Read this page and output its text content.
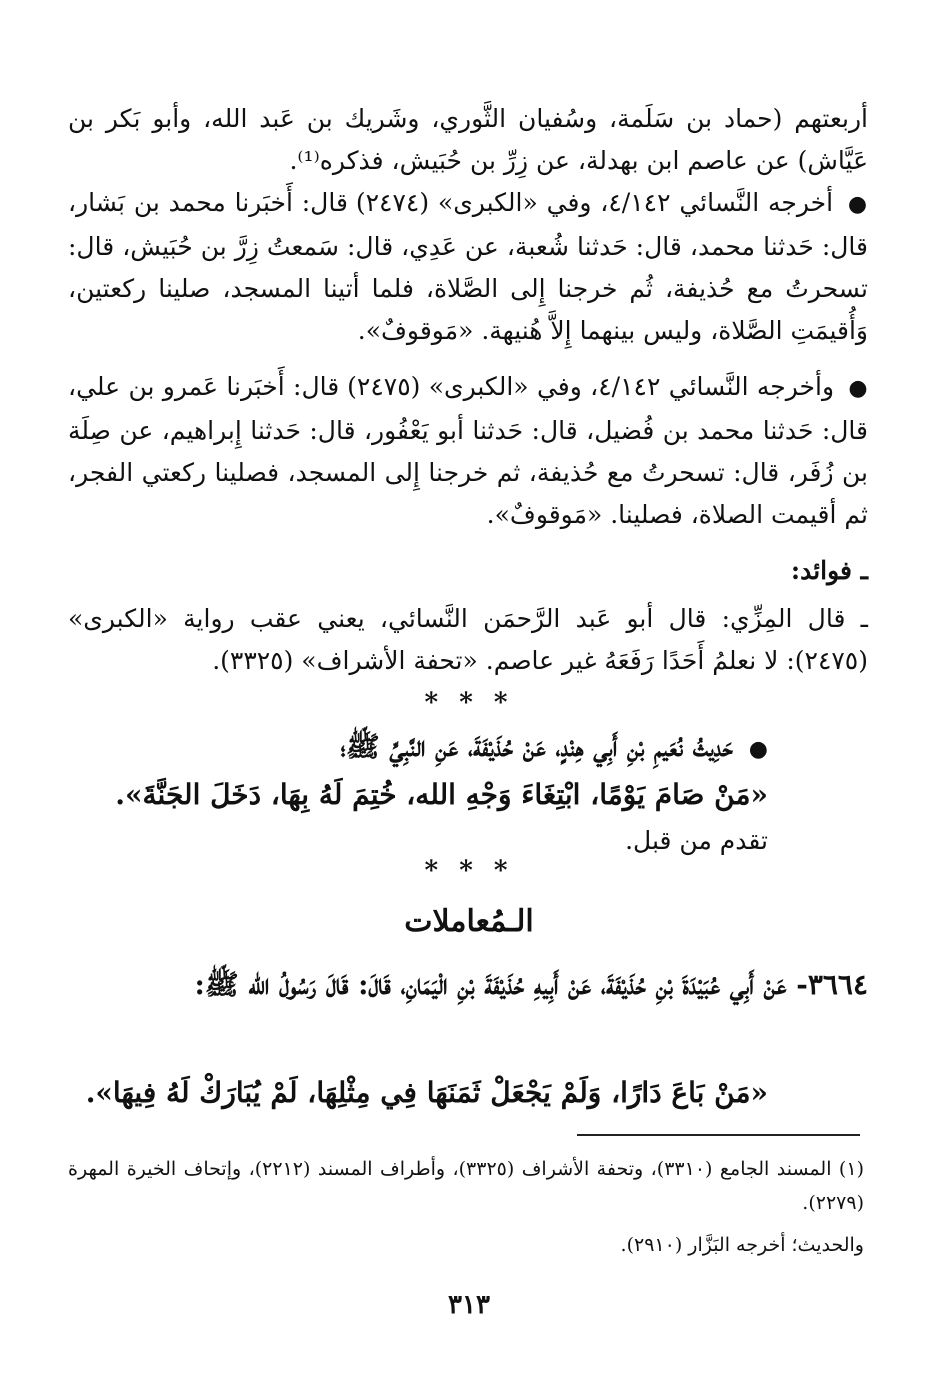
أربعتهم (حماد بن سَلَمة، وسُفيان الثَّوري، وشَريك بن عَبد الله، وأبو بَكر بن عَيَّاش) عن عاصم ابن بهدلة، عن زِرِّ بن حُبَيش، فذكره⁽¹⁾.

● أخرجه النَّسائي ٤/١٤٢، وفي «الكبرى» (٢٤٧٤) قال: أَخبَرنا محمد بن بَشار، قال: حَدثنا محمد، قال: حَدثنا شُعبة، عن عَدِي، قال: سَمعتُ زِرَّ بن حُبَيش، قال: تسحرتُ مع حُذيفة، ثُم خرجنا إِلى الصَّلاة، فلما أتينا المسجد، صلينا ركعتين، وَأُقيمَتِ الصَّلاة، وليس بينهما إِلاَّ هُنيهة. «مَوقوفٌ».

● وأخرجه النَّسائي ٤/١٤٢، وفي «الكبرى» (٢٤٧٥) قال: أَخبَرنا عَمرو بن علي، قال: حَدثنا محمد بن فُضيل، قال: حَدثنا أبو يَعْفُور، قال: حَدثنا إِبراهيم، عن صِلَة بن زُفَر، قال: تسحرتُ مع حُذيفة، ثم خرجنا إِلى المسجد، فصلينا ركعتي الفجر، ثم أقيمت الصلاة، فصلينا. «مَوقوفٌ».

ـ فوائد:

ـ قال المِزِّي: قال أبو عَبد الرَّحمَن النَّسائي، يعني عقب رواية «الكبرى» (٢٤٧٥): لا نعلمُ أَحَدًا رَفَعَهُ غير عاصم. «تحفة الأشراف» (٣٣٢٥).

* * *
● حَدِيثُ نُعَيمِ بْنِ أَبِي هِنْدٍ، عَنْ حُذَيْفَةَ، عَنِ النَّبِيِّ ﷺ؛
«مَنْ صَامَ يَوْمًا، ابْتِغَاءَ وَجْهِ الله، خُتِمَ لَهُ بِهَا، دَخَلَ الجَنَّةَ».
تقدم من قبل.
* * *
الـمُعاملات
٣٦٦٤- عَنْ أَبِي عُبَيْدَةَ بْنِ حُذَيْفَةَ، عَنْ أَبِيهِ حُذَيْفَةَ بْنِ الْيَمَانِ، قَالَ: قَالَ رَسُولُ الله ﷺ:
«مَنْ بَاعَ دَارًا، وَلَمْ يَجْعَلْ ثَمَنَهَا فِي مِثْلِهَا، لَمْ يُبَارَكْ لَهُ فِيهَا».

(١) المسند الجامع (٣٣١٠)، وتحفة الأشراف (٣٣٢٥)، وأطراف المسند (٢٢١٢)، وإتحاف الخيرة المهرة (٢٢٧٩).

والحديث؛ أخرجه البَزَّار (٢٩١٠).

٣١٣
